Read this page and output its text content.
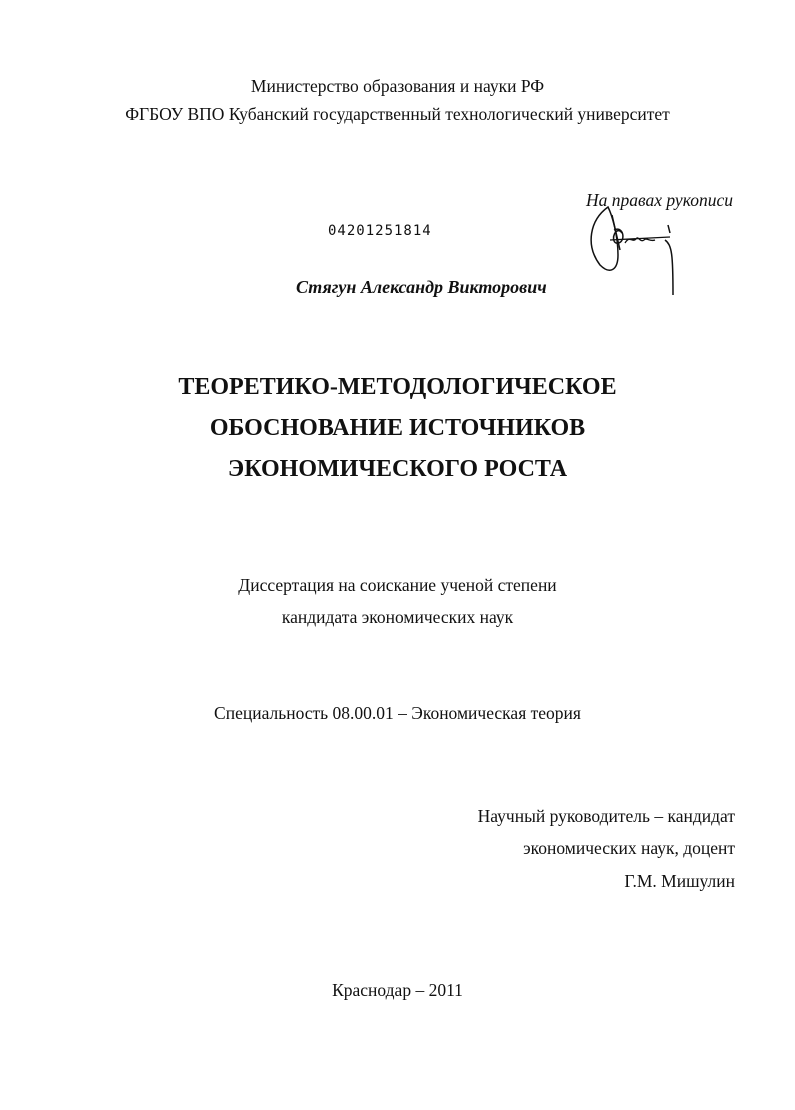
Министерство образования и науки РФ
ФГБОУ ВПО Кубанский государственный технологический университет
На правах рукописи
04201251814
Стягун Александр Викторович
ТЕОРЕТИКО-МЕТОДОЛОГИЧЕСКОЕ
ОБОСНОВАНИЕ ИСТОЧНИКОВ
ЭКОНОМИЧЕСКОГО РОСТА
Диссертация на соискание ученой степени
кандидата экономических наук
Специальность 08.00.01 – Экономическая теория
Научный руководитель – кандидат
экономических наук, доцент
Г.М. Мишулин
Краснодар – 2011
